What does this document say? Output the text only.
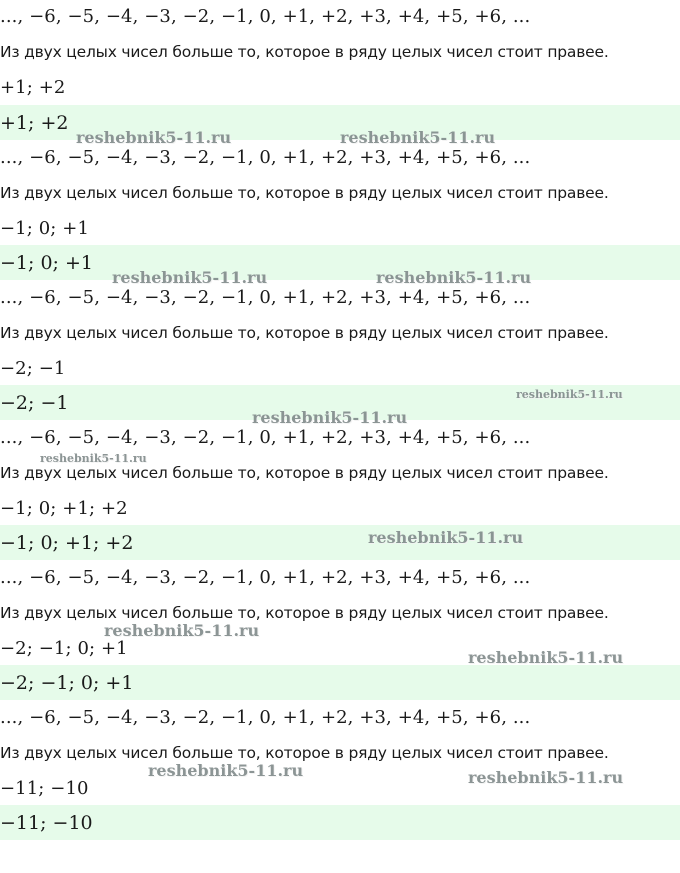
..., −6, −5, −4, −3, −2, −1, 0, +1, +2, +3, +4, +5, +6, ...
Из двух целых чисел больше то, которое в ряду целых чисел стоит правее.
+1; +2
+1; +2
..., −6, −5, −4, −3, −2, −1, 0, +1, +2, +3, +4, +5, +6, ...
Из двух целых чисел больше то, которое в ряду целых чисел стоит правее.
−1; 0; +1
−1; 0; +1
..., −6, −5, −4, −3, −2, −1, 0, +1, +2, +3, +4, +5, +6, ...
Из двух целых чисел больше то, которое в ряду целых чисел стоит правее.
−2; −1
−2; −1
..., −6, −5, −4, −3, −2, −1, 0, +1, +2, +3, +4, +5, +6, ...
Из двух целых чисел больше то, которое в ряду целых чисел стоит правее.
−1; 0; +1; +2
−1; 0; +1; +2
..., −6, −5, −4, −3, −2, −1, 0, +1, +2, +3, +4, +5, +6, ...
Из двух целых чисел больше то, которое в ряду целых чисел стоит правее.
−2; −1; 0; +1
−2; −1; 0; +1
..., −6, −5, −4, −3, −2, −1, 0, +1, +2, +3, +4, +5, +6, ...
Из двух целых чисел больше то, которое в ряду целых чисел стоит правее.
−11; −10
−11; −10
reshebnik5-11.ru	reshebnik5-11.ru
reshebnik5-11.ru	reshebnik5-11.ru
reshebnik5-11.ru
reshebnik5-11.ru
reshebnik5-11.ru
reshebnik5-11.ru
reshebnik5-11.ru
reshebnik5-11.ru
reshebnik5-11.ru	reshebnik5-11.ru
